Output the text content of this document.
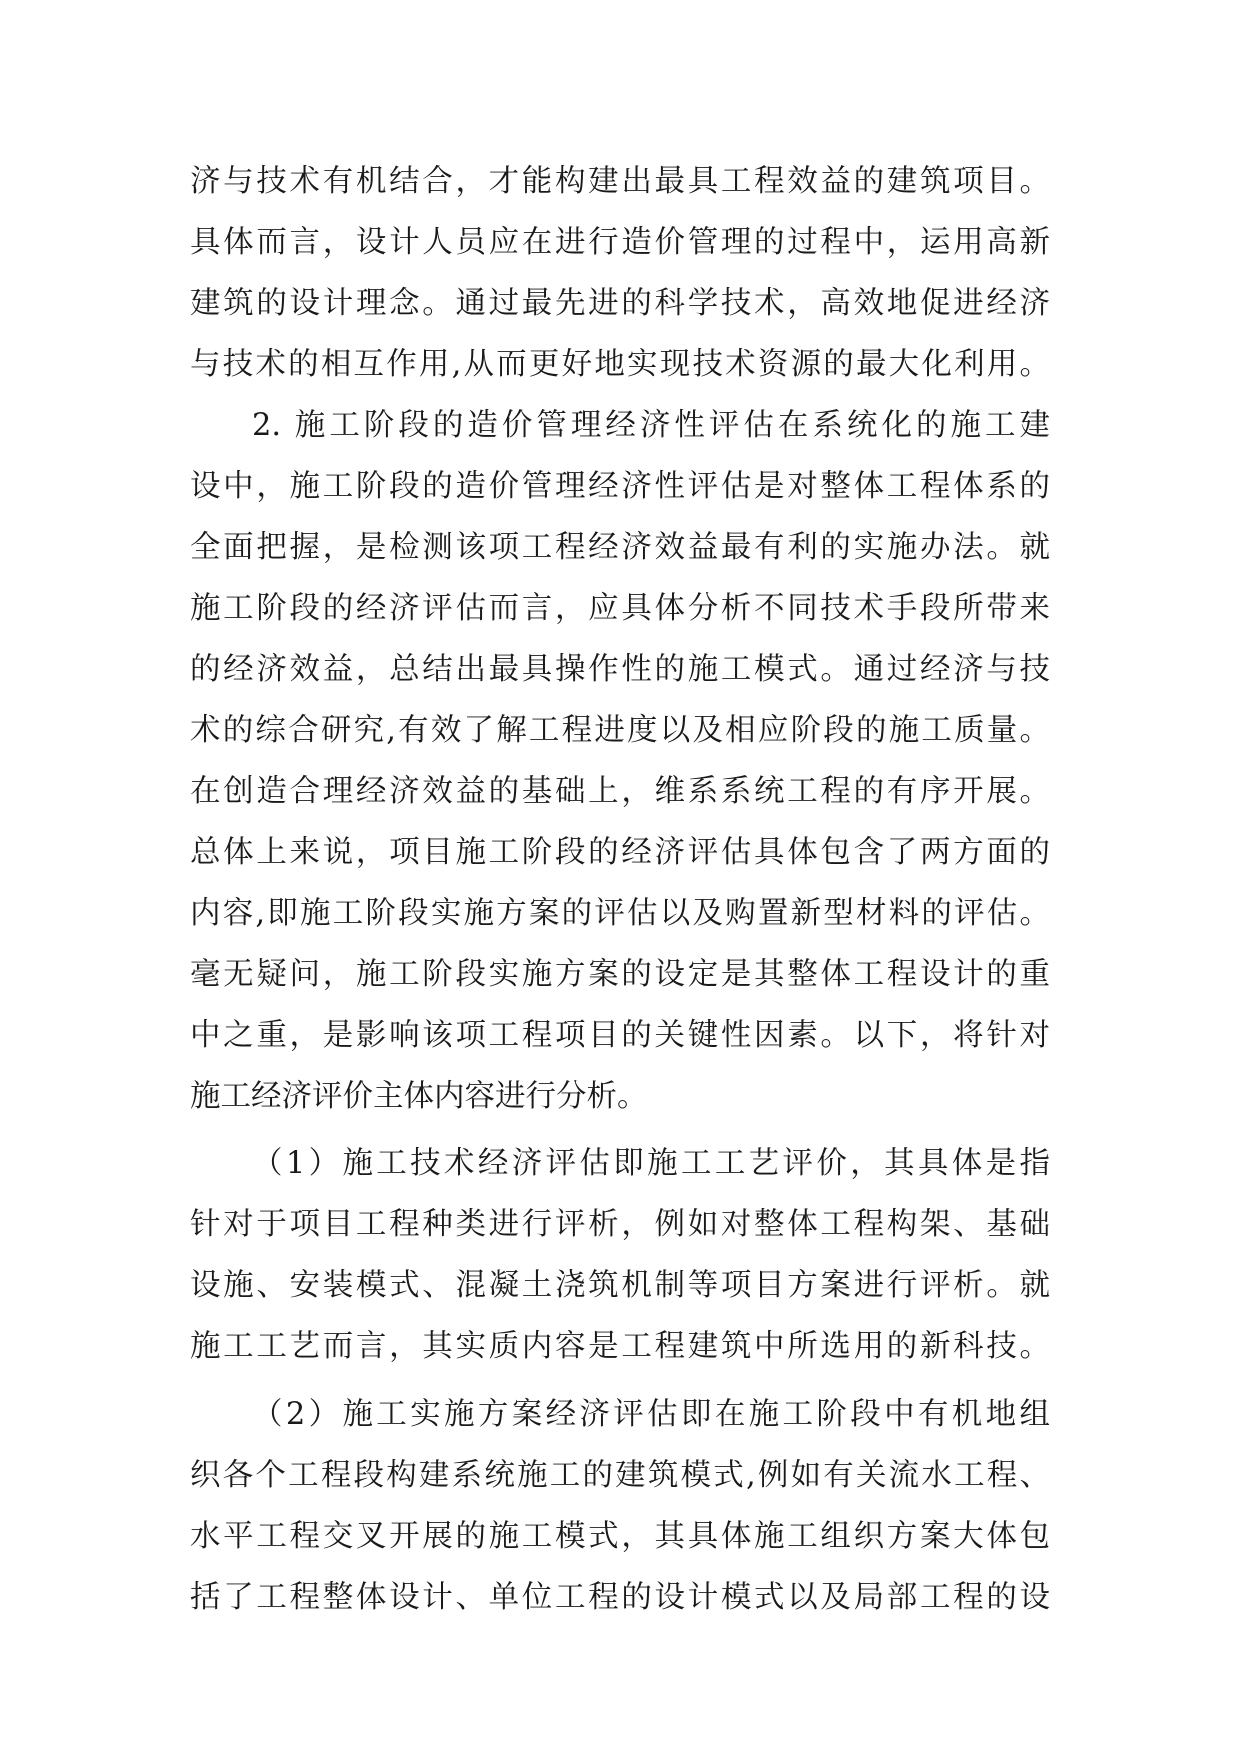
济与技术有机结合，才能构建出最具工程效益的建筑项目。
具体而言，设计人员应在进行造价管理的过程中，运用高新
建筑的设计理念。通过最先进的科学技术，高效地促进经济
与技术的相互作用,从而更好地实现技术资源的最大化利用。
2. 施工阶段的造价管理经济性评估在系统化的施工建
设中，施工阶段的造价管理经济性评估是对整体工程体系的
全面把握，是检测该项工程经济效益最有利的实施办法。就
施工阶段的经济评估而言，应具体分析不同技术手段所带来
的经济效益，总结出最具操作性的施工模式。通过经济与技
术的综合研究,有效了解工程进度以及相应阶段的施工质量。
在创造合理经济效益的基础上，维系系统工程的有序开展。
总体上来说，项目施工阶段的经济评估具体包含了两方面的
内容,即施工阶段实施方案的评估以及购置新型材料的评估。
毫无疑问，施工阶段实施方案的设定是其整体工程设计的重
中之重，是影响该项工程项目的关键性因素。以下，将针对
施工经济评价主体内容进行分析。
（1）施工技术经济评估即施工工艺评价，其具体是指
针对于项目工程种类进行评析，例如对整体工程构架、基础
设施、安装模式、混凝土浇筑机制等项目方案进行评析。就
施工工艺而言，其实质内容是工程建筑中所选用的新科技。
（2）施工实施方案经济评估即在施工阶段中有机地组
织各个工程段构建系统施工的建筑模式,例如有关流水工程、
水平工程交叉开展的施工模式，其具体施工组织方案大体包
括了工程整体设计、单位工程的设计模式以及局部工程的设
